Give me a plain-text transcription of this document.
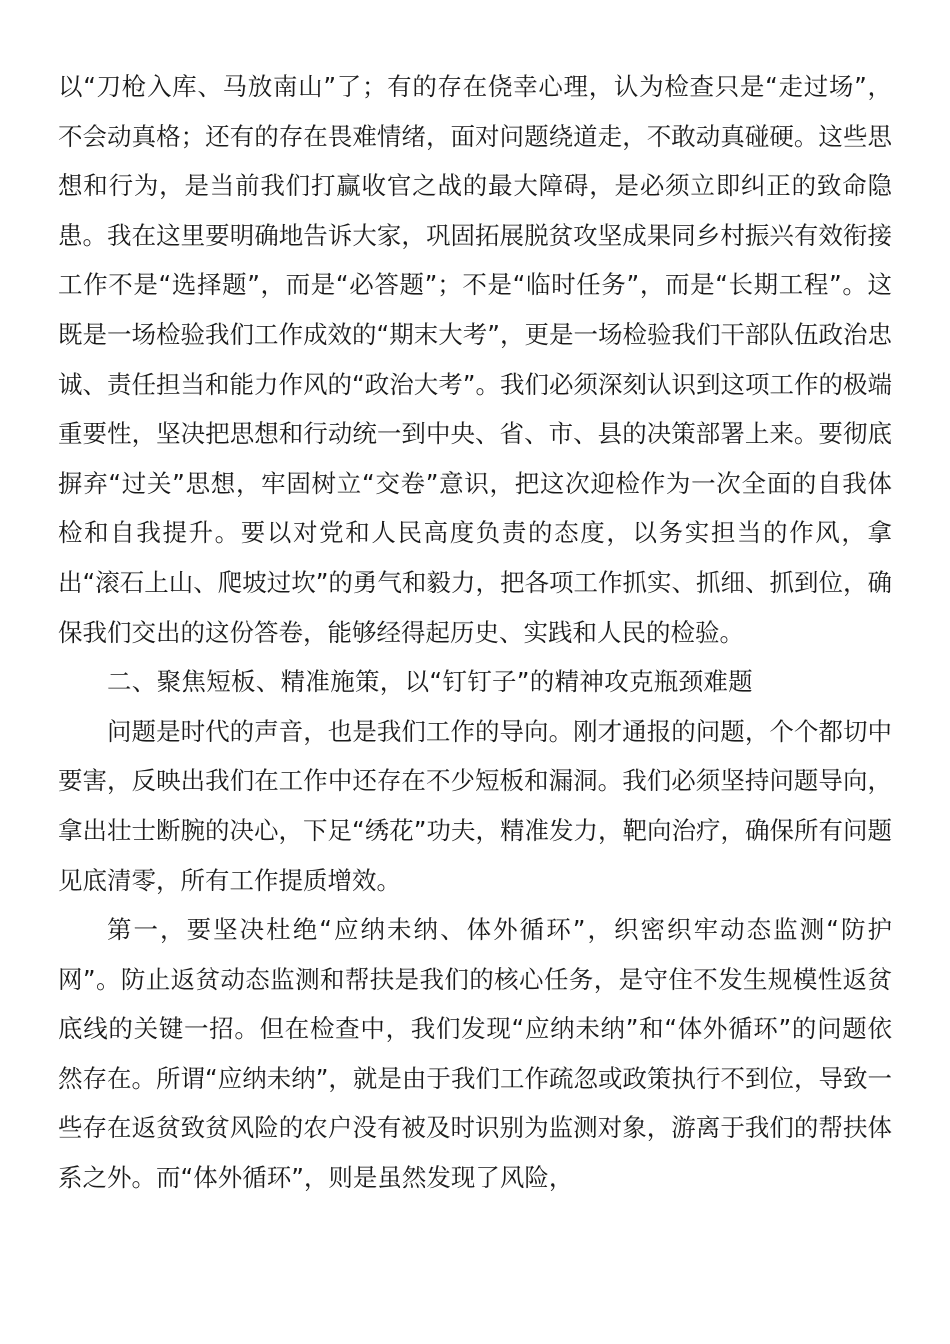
以“刀枪入库、马放南山”了；有的存在侥幸心理，认为检查只是“走过场”，不会动真格；还有的存在畏难情绪，面对问题绕道走，不敢动真碰硬。这些思想和行为，是当前我们打赢收官之战的最大障碍，是必须立即纠正的致命隐患。我在这里要明确地告诉大家，巩固拓展脱贫攻坚成果同乡村振兴有效衔接工作不是“选择题”，而是“必答题”；不是“临时任务”，而是“长期工程”。这既是一场检验我们工作成效的“期末大考”，更是一场检验我们干部队伍政治忠诚、责任担当和能力作风的“政治大考”。我们必须深刻认识到这项工作的极端重要性，坚决把思想和行动统一到中央、省、市、县的决策部署上来。要彻底摒弃“过关”思想，牢固树立“交卷”意识，把这次迎检作为一次全面的自我体检和自我提升。要以对党和人民高度负责的态度，以务实担当的作风，拿出“滚石上山、爬坡过坎”的勇气和毅力，把各项工作抓实、抓细、抓到位，确保我们交出的这份答卷，能够经得起历史、实践和人民的检验。

二、聚焦短板、精准施策，以“钉钉子”的精神攻克瓶颈难题

问题是时代的声音，也是我们工作的导向。刚才通报的问题，个个都切中要害，反映出我们在工作中还存在不少短板和漏洞。我们必须坚持问题导向，拿出壮士断腕的决心，下足“绣花”功夫，精准发力，靶向治疗，确保所有问题见底清零，所有工作提质增效。

第一，要坚决杜绝“应纳未纳、体外循环”，织密织牢动态监测“防护网”。防止返贫动态监测和帮扶是我们的核心任务，是守住不发生规模性返贫底线的关键一招。但在检查中，我们发现“应纳未纳”和“体外循环”的问题依然存在。所谓“应纳未纳”，就是由于我们工作疏忽或政策执行不到位，导致一些存在返贫致贫风险的农户没有被及时识别为监测对象，游离于我们的帮扶体系之外。而“体外循环”，则是虽然发现了风险，
